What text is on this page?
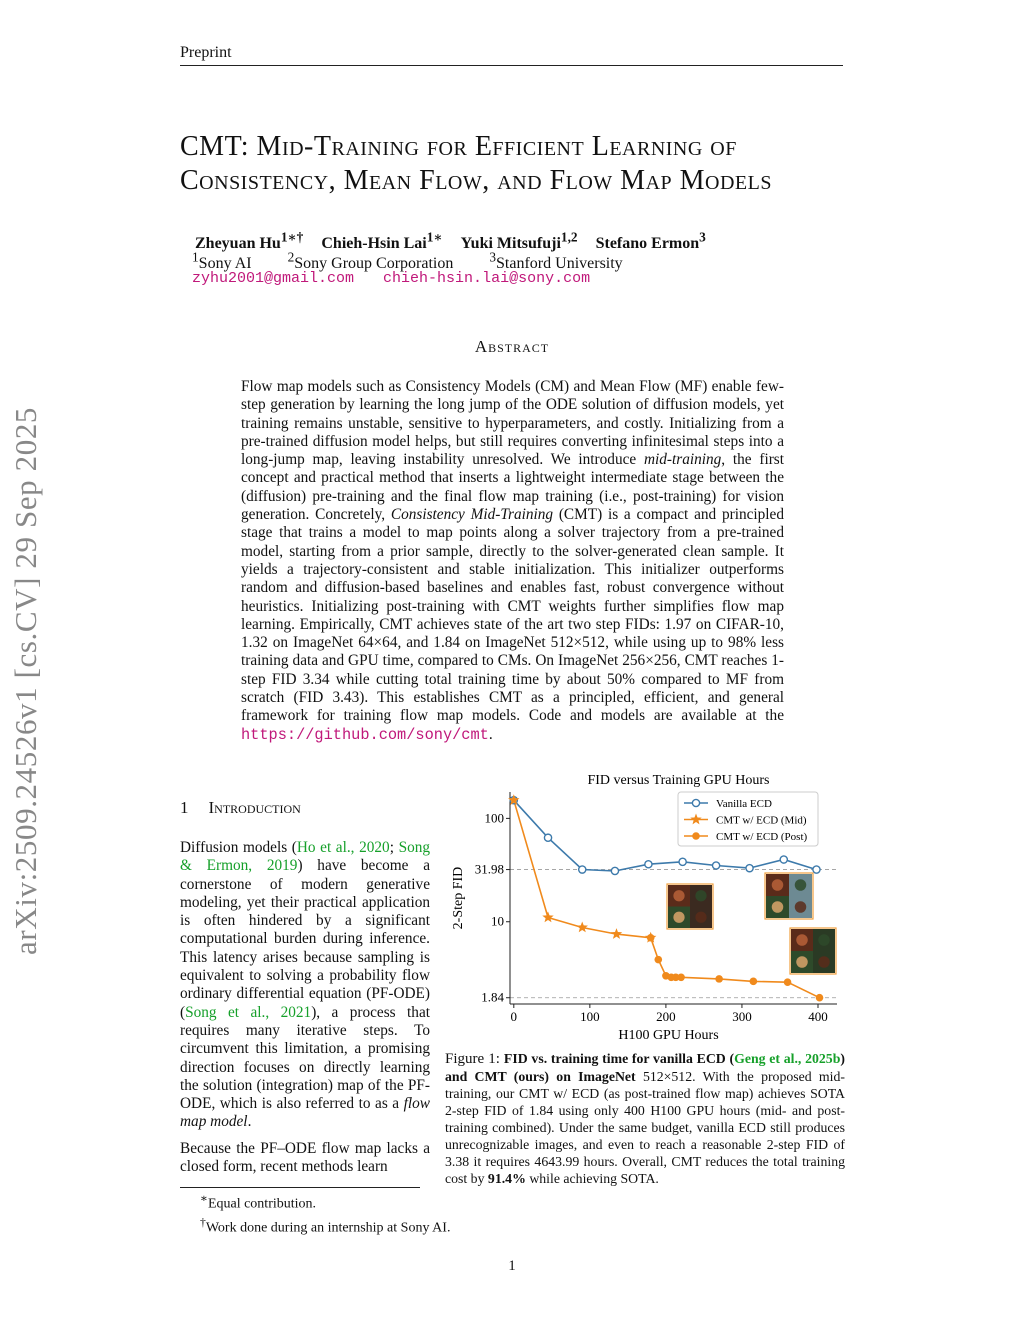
Preprint
CMT: Mid-Training for Efficient Learning of
Consistency, Mean Flow, and Flow Map Models
Zheyuan $Hu^{1∗\dagger}$ Chieh-Hsin Lai$^{1∗}$ Yuki Mitsufuji$^{1,2}$ Stefano Ermon$^3$
$^1$Sony AI	$^2$Sony Group Corporation	$^3$Stanford University
zyhu2001@gmail.com chieh-hsin.lai@sony.com
Abstract
Flow map models such as Consistency Models (CM) and Mean Flow (MF) enable few-step generation by learning the long jump of the ODE solution of diffusion models, yet training remains unstable, sensitive to hyperparameters, and costly. Initializing from a pre-trained diffusion model helps, but still requires converting infinitesimal steps into a long-jump map, leaving instability unresolved. We introduce mid-training, the first concept and practical method that inserts a lightweight intermediate stage between the (diffusion) pre-training and the final flow map training (i.e., post-training) for vision generation. Concretely, Consistency Mid-Training (CMT) is a compact and principled stage that trains a model to map points along a solver trajectory from a pre-trained model, starting from a prior sample, directly to the solver-generated clean sample. It yields a trajectory-consistent and stable initialization. This initializer outperforms random and diffusion-based baselines and enables fast, robust convergence without heuristics. Initializing post-training with CMT weights further simplifies flow map learning. Empirically, CMT achieves state of the art two step FIDs: 1.97 on CIFAR-10, 1.32 on ImageNet 64×64, and 1.84 on ImageNet 512×512, while using up to 98% less training data and GPU time, compared to CMs. On ImageNet 256×256, CMT reaches 1-step FID 3.34 while cutting total training time by about 50% compared to MF from scratch (FID 3.43). This establishes CMT as a principled, efficient, and general framework for training flow map models. Code and models are available at the https://github.com/sony/cmt.
arXiv:2509.24526v1 [cs.CV] 29 Sep 2025	1 Introduction

Diffusion models (Ho et al., 2020; Song & Ermon, 2019) have become a cornerstone of modern generative modeling, yet their practical application is often hindered by a significant computational burden during inference. This latency arises because sampling is equivalent to solving a probability flow ordinary differential equation (PF-ODE) (Song et al., 2021), a process that requires many iterative steps. To circumvent this limitation, a promising direction focuses on directly learning the solution (integration) map of the PF-ODE, which is also referred to as a flow map model.

Because the PF–ODE flow map lacks a closed form, recent methods learn

∗Equal contribution.
†Work done during an internship at Sony AI.
1
FID versus Training GPU Hours
0	100	200	300	400
1.84
10
31.98
100
H100 GPU Hours
2-Step FID
Vanilla ECD
CMT w/ ECD (Mid)
CMT w/ ECD (Post)
Figure 1: FID vs. training time for vanilla ECD (Geng et al., 2025b) and CMT (ours) on ImageNet 512×512. With the proposed mid-training, our CMT w/ ECD (as post-trained flow map) achieves SOTA 2-step FID of 1.84 using only 400 H100 GPU hours (mid- and post-training combined). Under the same budget, vanilla ECD still produces unrecognizable images, and even to reach a reasonable 2-step FID of 3.38 it requires 4643.99 hours. Overall, CMT reduces the total training cost by 91.4% while achieving SOTA.
